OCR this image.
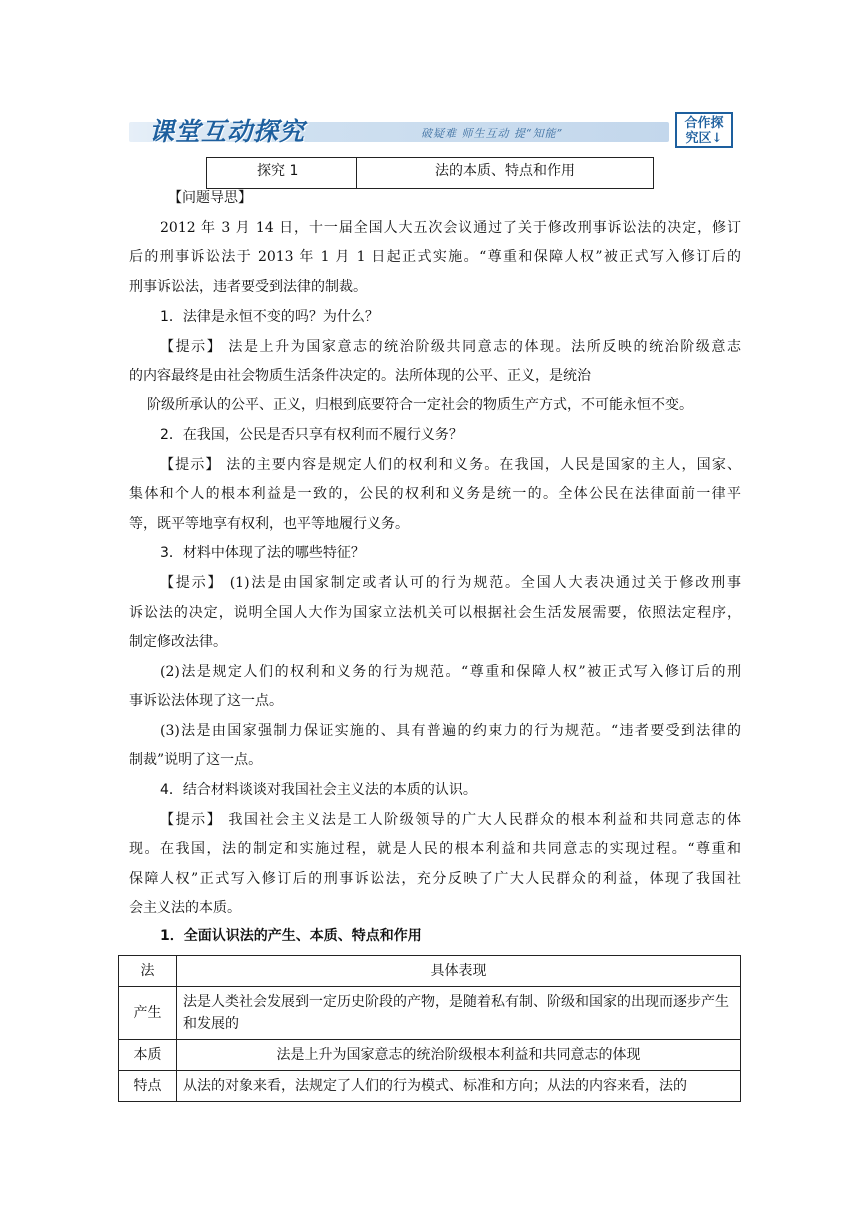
课堂互动探究	破疑难 师生互动 提“知能”
合作探
究区↓
探究 1	法的本质、特点和作用
【问题导思】
2012 年 3 月 14 日，十一届全国人大五次会议通过了关于修改刑事诉讼法的决定，修订
后的刑事诉讼法于 2013 年 1 月 1 日起正式实施。“尊重和保障人权”被正式写入修订后的
刑事诉讼法，违者要受到法律的制裁。
1．法律是永恒不变的吗？为什么？
【提示】 法是上升为国家意志的统治阶级共同意志的体现。法所反映的统治阶级意志
的内容最终是由社会物质生活条件决定的。法所体现的公平、正义，是统治
阶级所承认的公平、正义，归根到底要符合一定社会的物质生产方式，不可能永恒不变。
2．在我国，公民是否只享有权利而不履行义务？
【提示】 法的主要内容是规定人们的权利和义务。在我国，人民是国家的主人，国家、
集体和个人的根本利益是一致的，公民的权利和义务是统一的。全体公民在法律面前一律平
等，既平等地享有权利，也平等地履行义务。
3．材料中体现了法的哪些特征？
【提示】 (1)法是由国家制定或者认可的行为规范。全国人大表决通过关于修改刑事
诉讼法的决定，说明全国人大作为国家立法机关可以根据社会生活发展需要，依照法定程序，
制定修改法律。
(2)法是规定人们的权利和义务的行为规范。“尊重和保障人权”被正式写入修订后的刑
事诉讼法体现了这一点。
(3)法是由国家强制力保证实施的、具有普遍的约束力的行为规范。“违者要受到法律的
制裁”说明了这一点。
4．结合材料谈谈对我国社会主义法的本质的认识。
【提示】 我国社会主义法是工人阶级领导的广大人民群众的根本利益和共同意志的体
现。在我国，法的制定和实施过程，就是人民的根本利益和共同意志的实现过程。“尊重和
保障人权”正式写入修订后的刑事诉讼法，充分反映了广大人民群众的利益，体现了我国社
会主义法的本质。
1．全面认识法的产生、本质、特点和作用
法	具体表现
产生	法是人类社会发展到一定历史阶段的产物，是随着私有制、阶级和国家的出现而逐步产生和发展的
本质	法是上升为国家意志的统治阶级根本利益和共同意志的体现
特点	从法的对象来看，法规定了人们的行为模式、标准和方向；从法的内容来看，法的
